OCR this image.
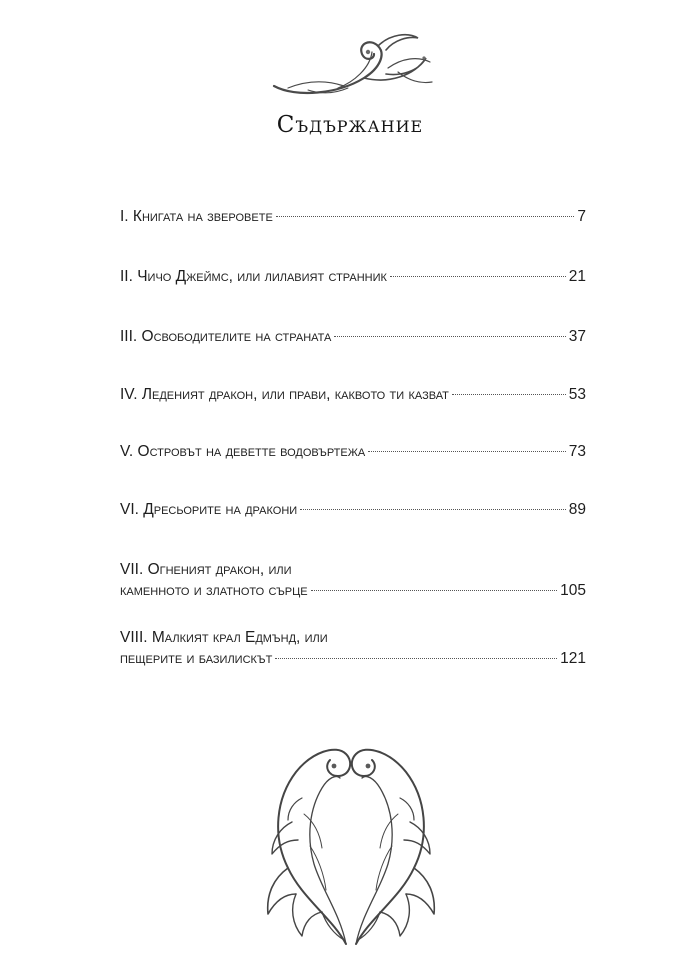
Съдържание
I. Книгата на зверовете	7
II. Чичо Джеймс, или лилавият странник	21
III. Освободителите на страната	37
IV. Леденият дракон, или прави, каквото ти казват	53
V. Островът на деветте водовъртежа	73
VI. Дресьорите на дракони	89
VII. Огненият дракон, или
каменното и златното сърце	105
VIII. Малкият крал Едмънд, или
пещерите и базилискът	121
